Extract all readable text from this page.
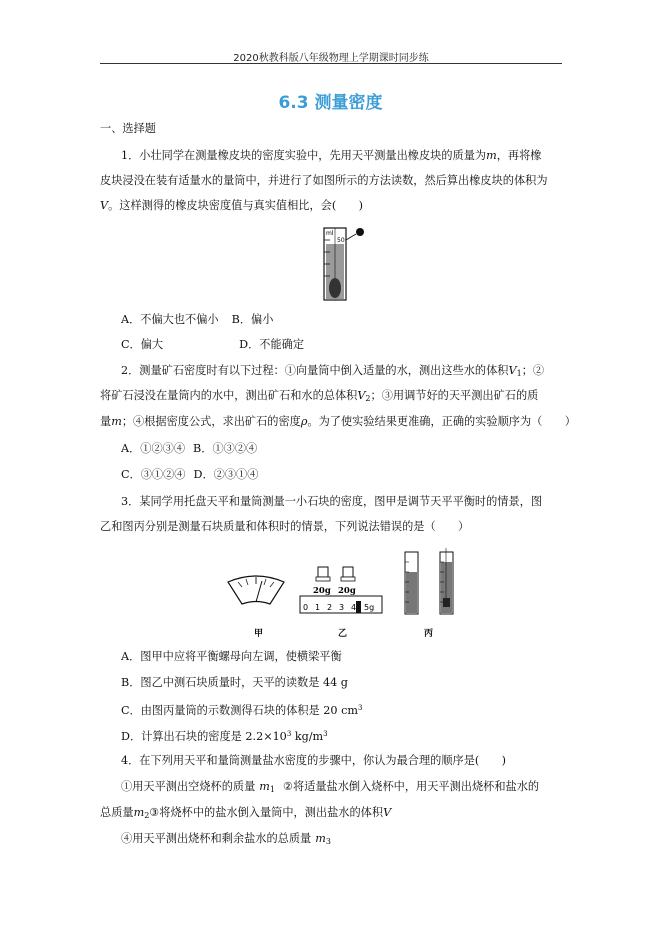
2020秋教科版八年级物理上学期课时同步练
6.3 测量密度
一、选择题
1．小壮同学在测量橡皮块的密度实验中，先用天平测量出橡皮块的质量为m，再将橡
皮块浸没在装有适量水的量筒中，并进行了如图所示的方法读数，然后算出橡皮块的体积为
V。这样测得的橡皮块密度值与真实值相比，会(　　)
ml
50
A．不偏大也不偏小 B．偏小
C．偏大	D．不能确定
2．测量矿石密度时有以下过程：①向量筒中倒入适量的水，测出这些水的体积$V_1$；②
将矿石浸没在量筒内的水中，测出矿石和水的总体积$V_2$；③用调节好的天平测出矿石的质
量m；④根据密度公式，求出矿石的密度ρ。为了使实验结果更准确，正确的实验顺序为（　　）
A．①②③④ B．①③②④
C．③①②④ D．②③①④
3．某同学用托盘天平和量筒测量一小石块的密度，图甲是调节天平平衡时的情景，图
乙和图丙分别是测量石块质量和体积时的情景，下列说法错误的是（　　）
甲
20g 20g
0 1 2 3 4 5g
乙	丙
A．图甲中应将平衡螺母向左调，使横梁平衡
B．图乙中测石块质量时，天平的读数是 44 g
C．由图丙量筒的示数测得石块的体积是 20 $cm^3$
D．计算出石块的密度是 $2.2\times 10^3$ $kg/m^3$
4．在下列用天平和量筒测量盐水密度的步骤中，你认为最合理的顺序是(　　)
①用天平测出空烧杯的质量 $m_1$ ②将适量盐水倒入烧杯中，用天平测出烧杯和盐水的
总质量$m_2③$将烧杯中的盐水倒入量筒中，测出盐水的体积V
④用天平测出烧杯和剩余盐水的总质量 $m_3$
